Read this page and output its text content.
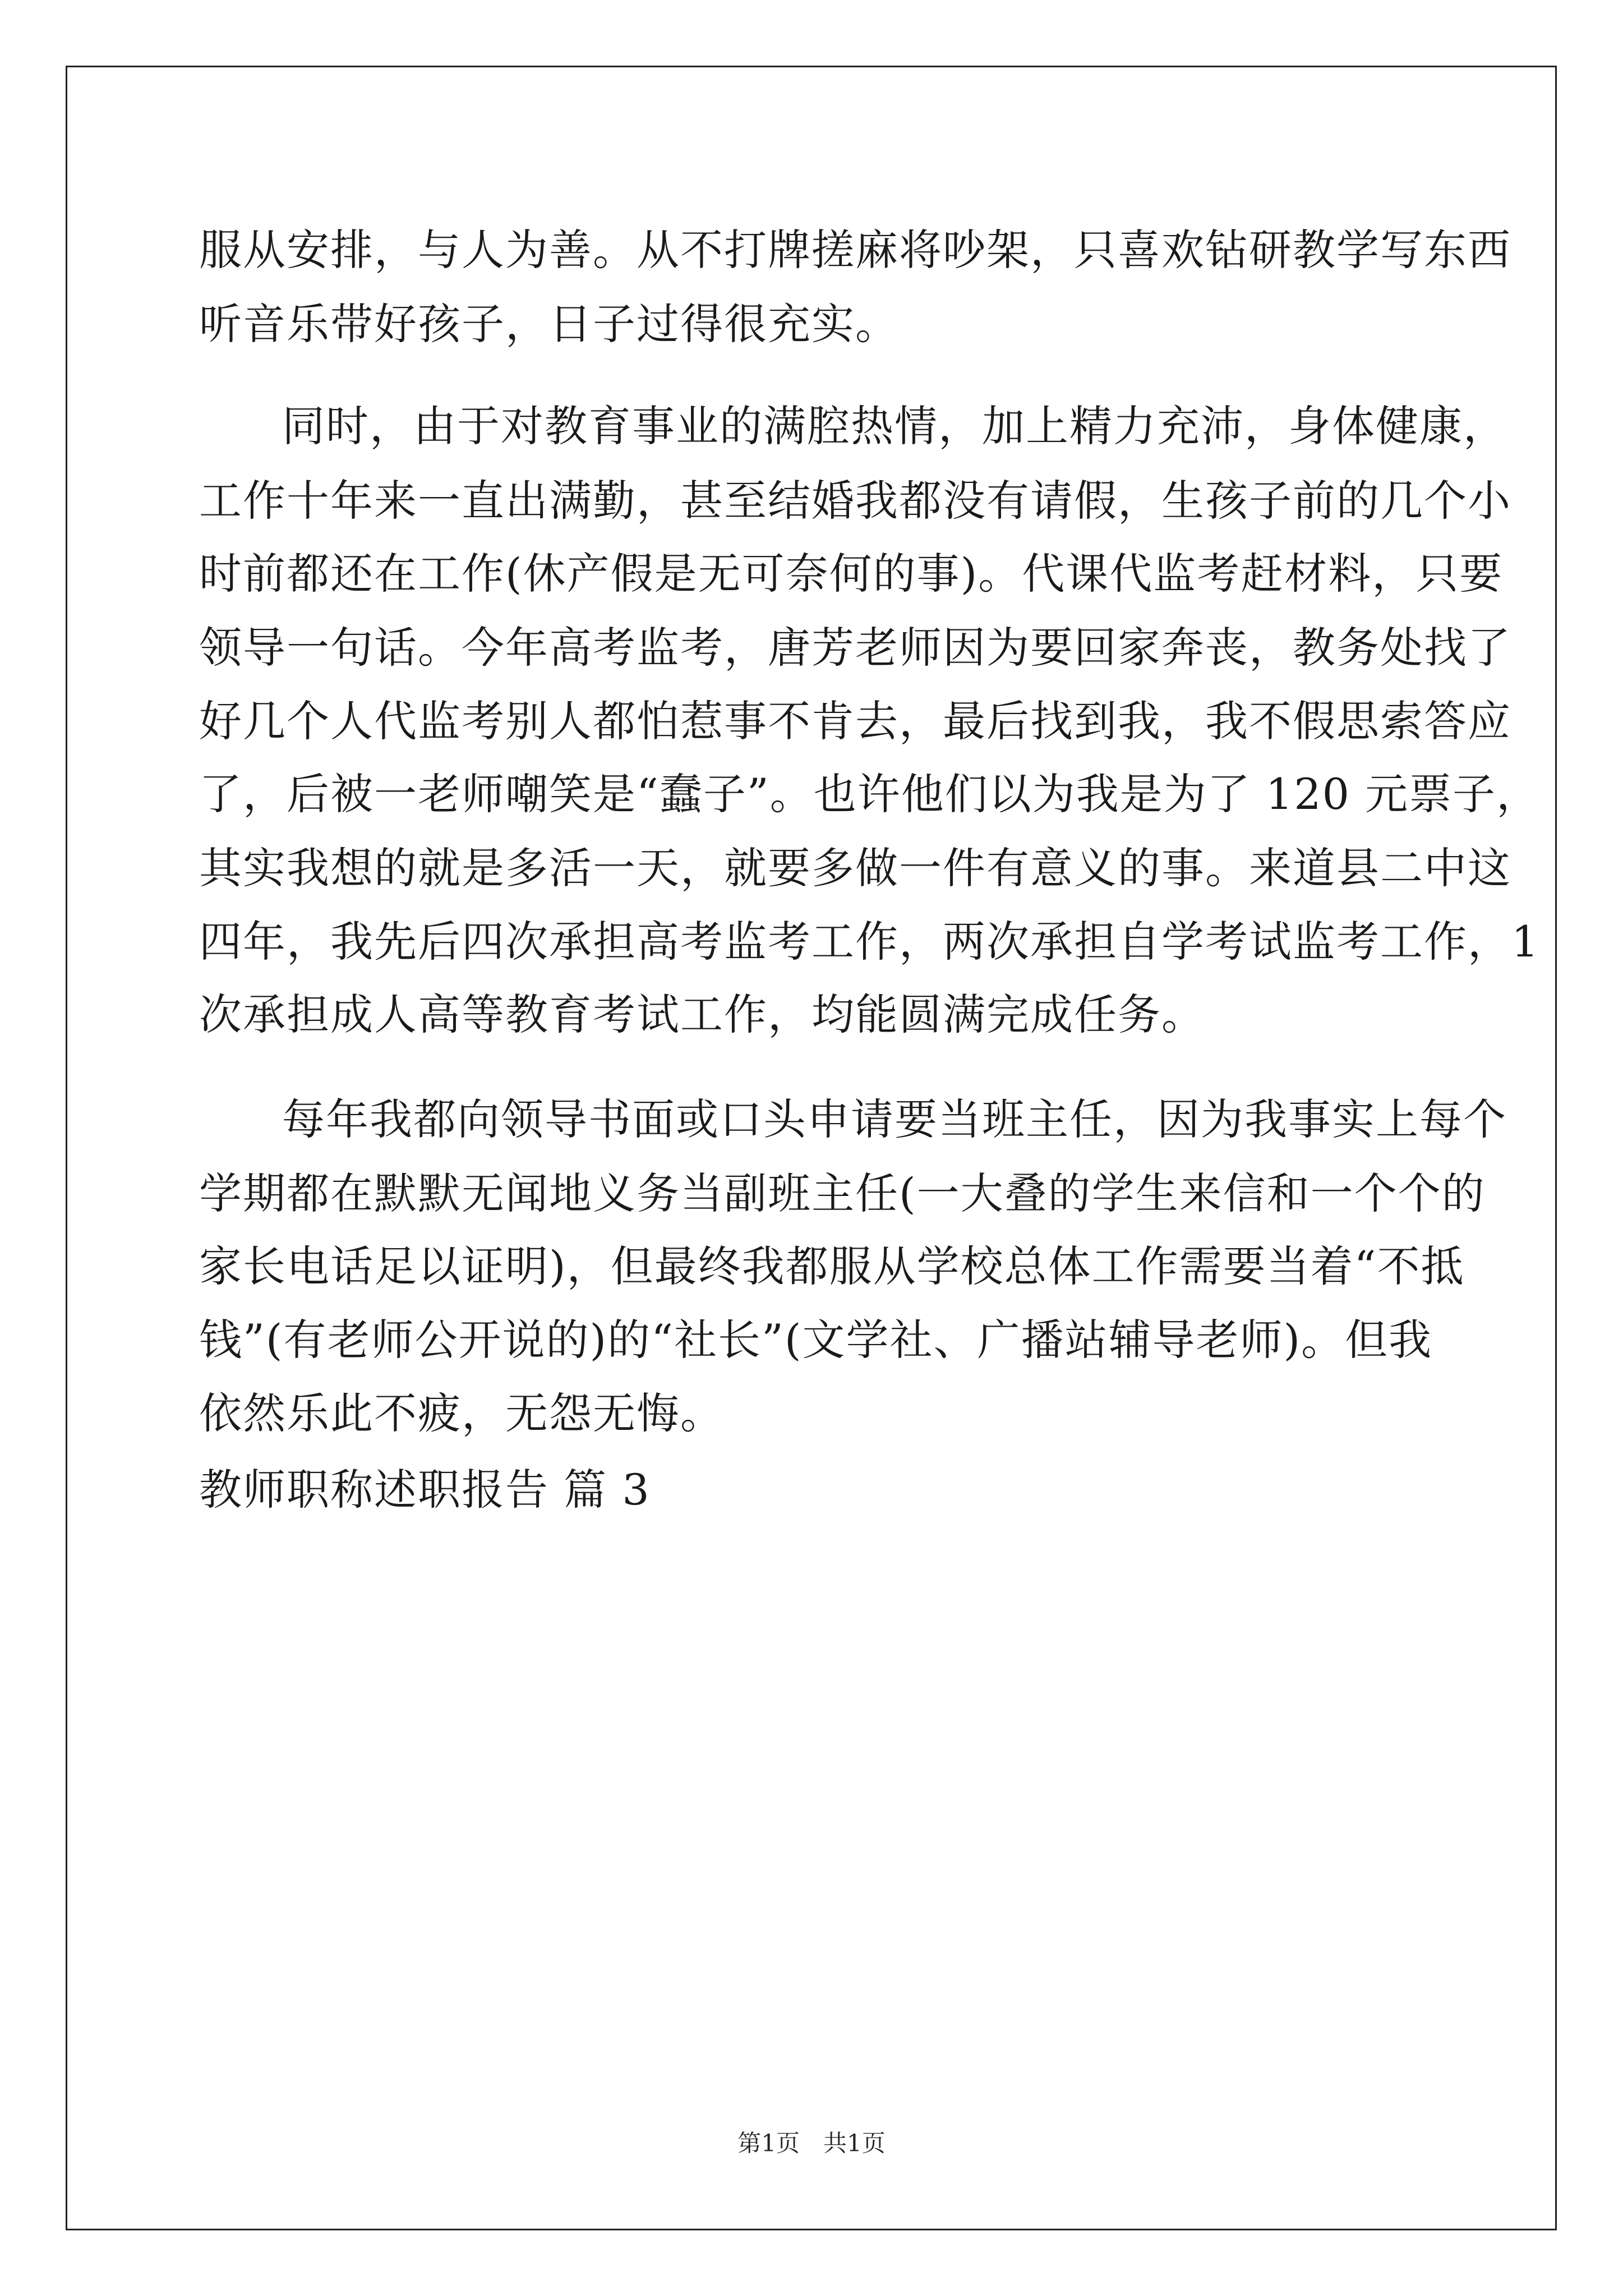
服从安排，与人为善。从不打牌搓麻将吵架，只喜欢钻研教学写东西

听音乐带好孩子，日子过得很充实。

同时，由于对教育事业的满腔热情，加上精力充沛，身体健康，

工作十年来一直出满勤，甚至结婚我都没有请假，生孩子前的几个小

时前都还在工作(休产假是无可奈何的事)。代课代监考赶材料，只要

领导一句话。今年高考监考，唐芳老师因为要回家奔丧，教务处找了

好几个人代监考别人都怕惹事不肯去，最后找到我，我不假思索答应

了，后被一老师嘲笑是“蠢子”。也许他们以为我是为了 120 元票子，

其实我想的就是多活一天，就要多做一件有意义的事。来道县二中这

四年，我先后四次承担高考监考工作，两次承担自学考试监考工作，1

次承担成人高等教育考试工作，均能圆满完成任务。

每年我都向领导书面或口头申请要当班主任，因为我事实上每个

学期都在默默无闻地义务当副班主任(一大叠的学生来信和一个个的

家长电话足以证明)，但最终我都服从学校总体工作需要当着“不抵

钱”(有老师公开说的)的“社长”(文学社、广播站辅导老师)。但我

依然乐此不疲，无怨无悔。

教师职称述职报告 篇 3
第1页　共1页
